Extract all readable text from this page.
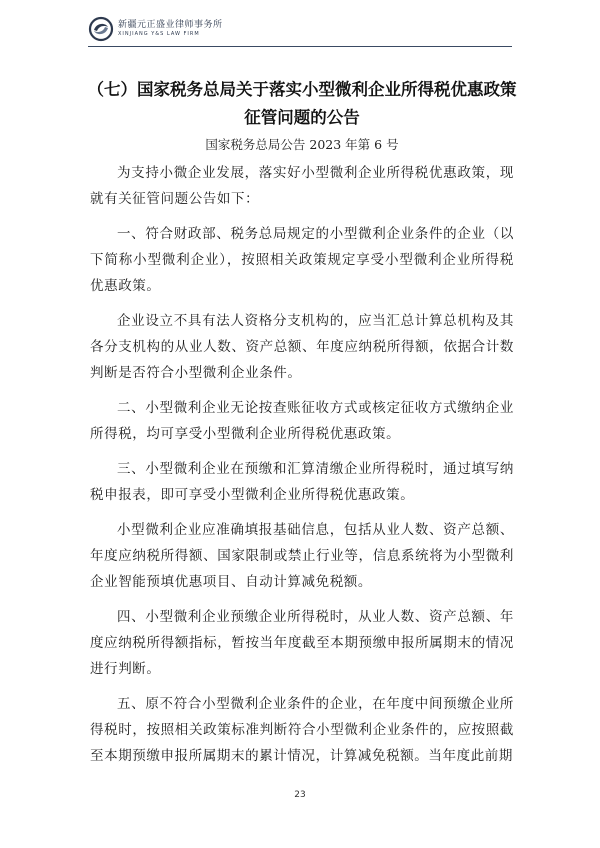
新疆元正盛业律师事务所
XINJIANG Y&S LAW FIRM
（七）国家税务总局关于落实小型微利企业所得税优惠政策
征管问题的公告
国家税务总局公告 2023 年第 6 号

为支持小微企业发展，落实好小型微利企业所得税优惠政策，现就有关征管问题公告如下：

一、符合财政部、税务总局规定的小型微利企业条件的企业（以下简称小型微利企业），按照相关政策规定享受小型微利企业所得税优惠政策。

企业设立不具有法人资格分支机构的，应当汇总计算总机构及其各分支机构的从业人数、资产总额、年度应纳税所得额，依据合计数判断是否符合小型微利企业条件。

二、小型微利企业无论按查账征收方式或核定征收方式缴纳企业所得税，均可享受小型微利企业所得税优惠政策。

三、小型微利企业在预缴和汇算清缴企业所得税时，通过填写纳税申报表，即可享受小型微利企业所得税优惠政策。

小型微利企业应准确填报基础信息，包括从业人数、资产总额、年度应纳税所得额、国家限制或禁止行业等，信息系统将为小型微利企业智能预填优惠项目、自动计算减免税额。

四、小型微利企业预缴企业所得税时，从业人数、资产总额、年度应纳税所得额指标，暂按当年度截至本期预缴申报所属期末的情况进行判断。

五、原不符合小型微利企业条件的企业，在年度中间预缴企业所得税时，按照相关政策标准判断符合小型微利企业条件的，应按照截至本期预缴申报所属期末的累计情况，计算减免税额。当年度此前期

23
